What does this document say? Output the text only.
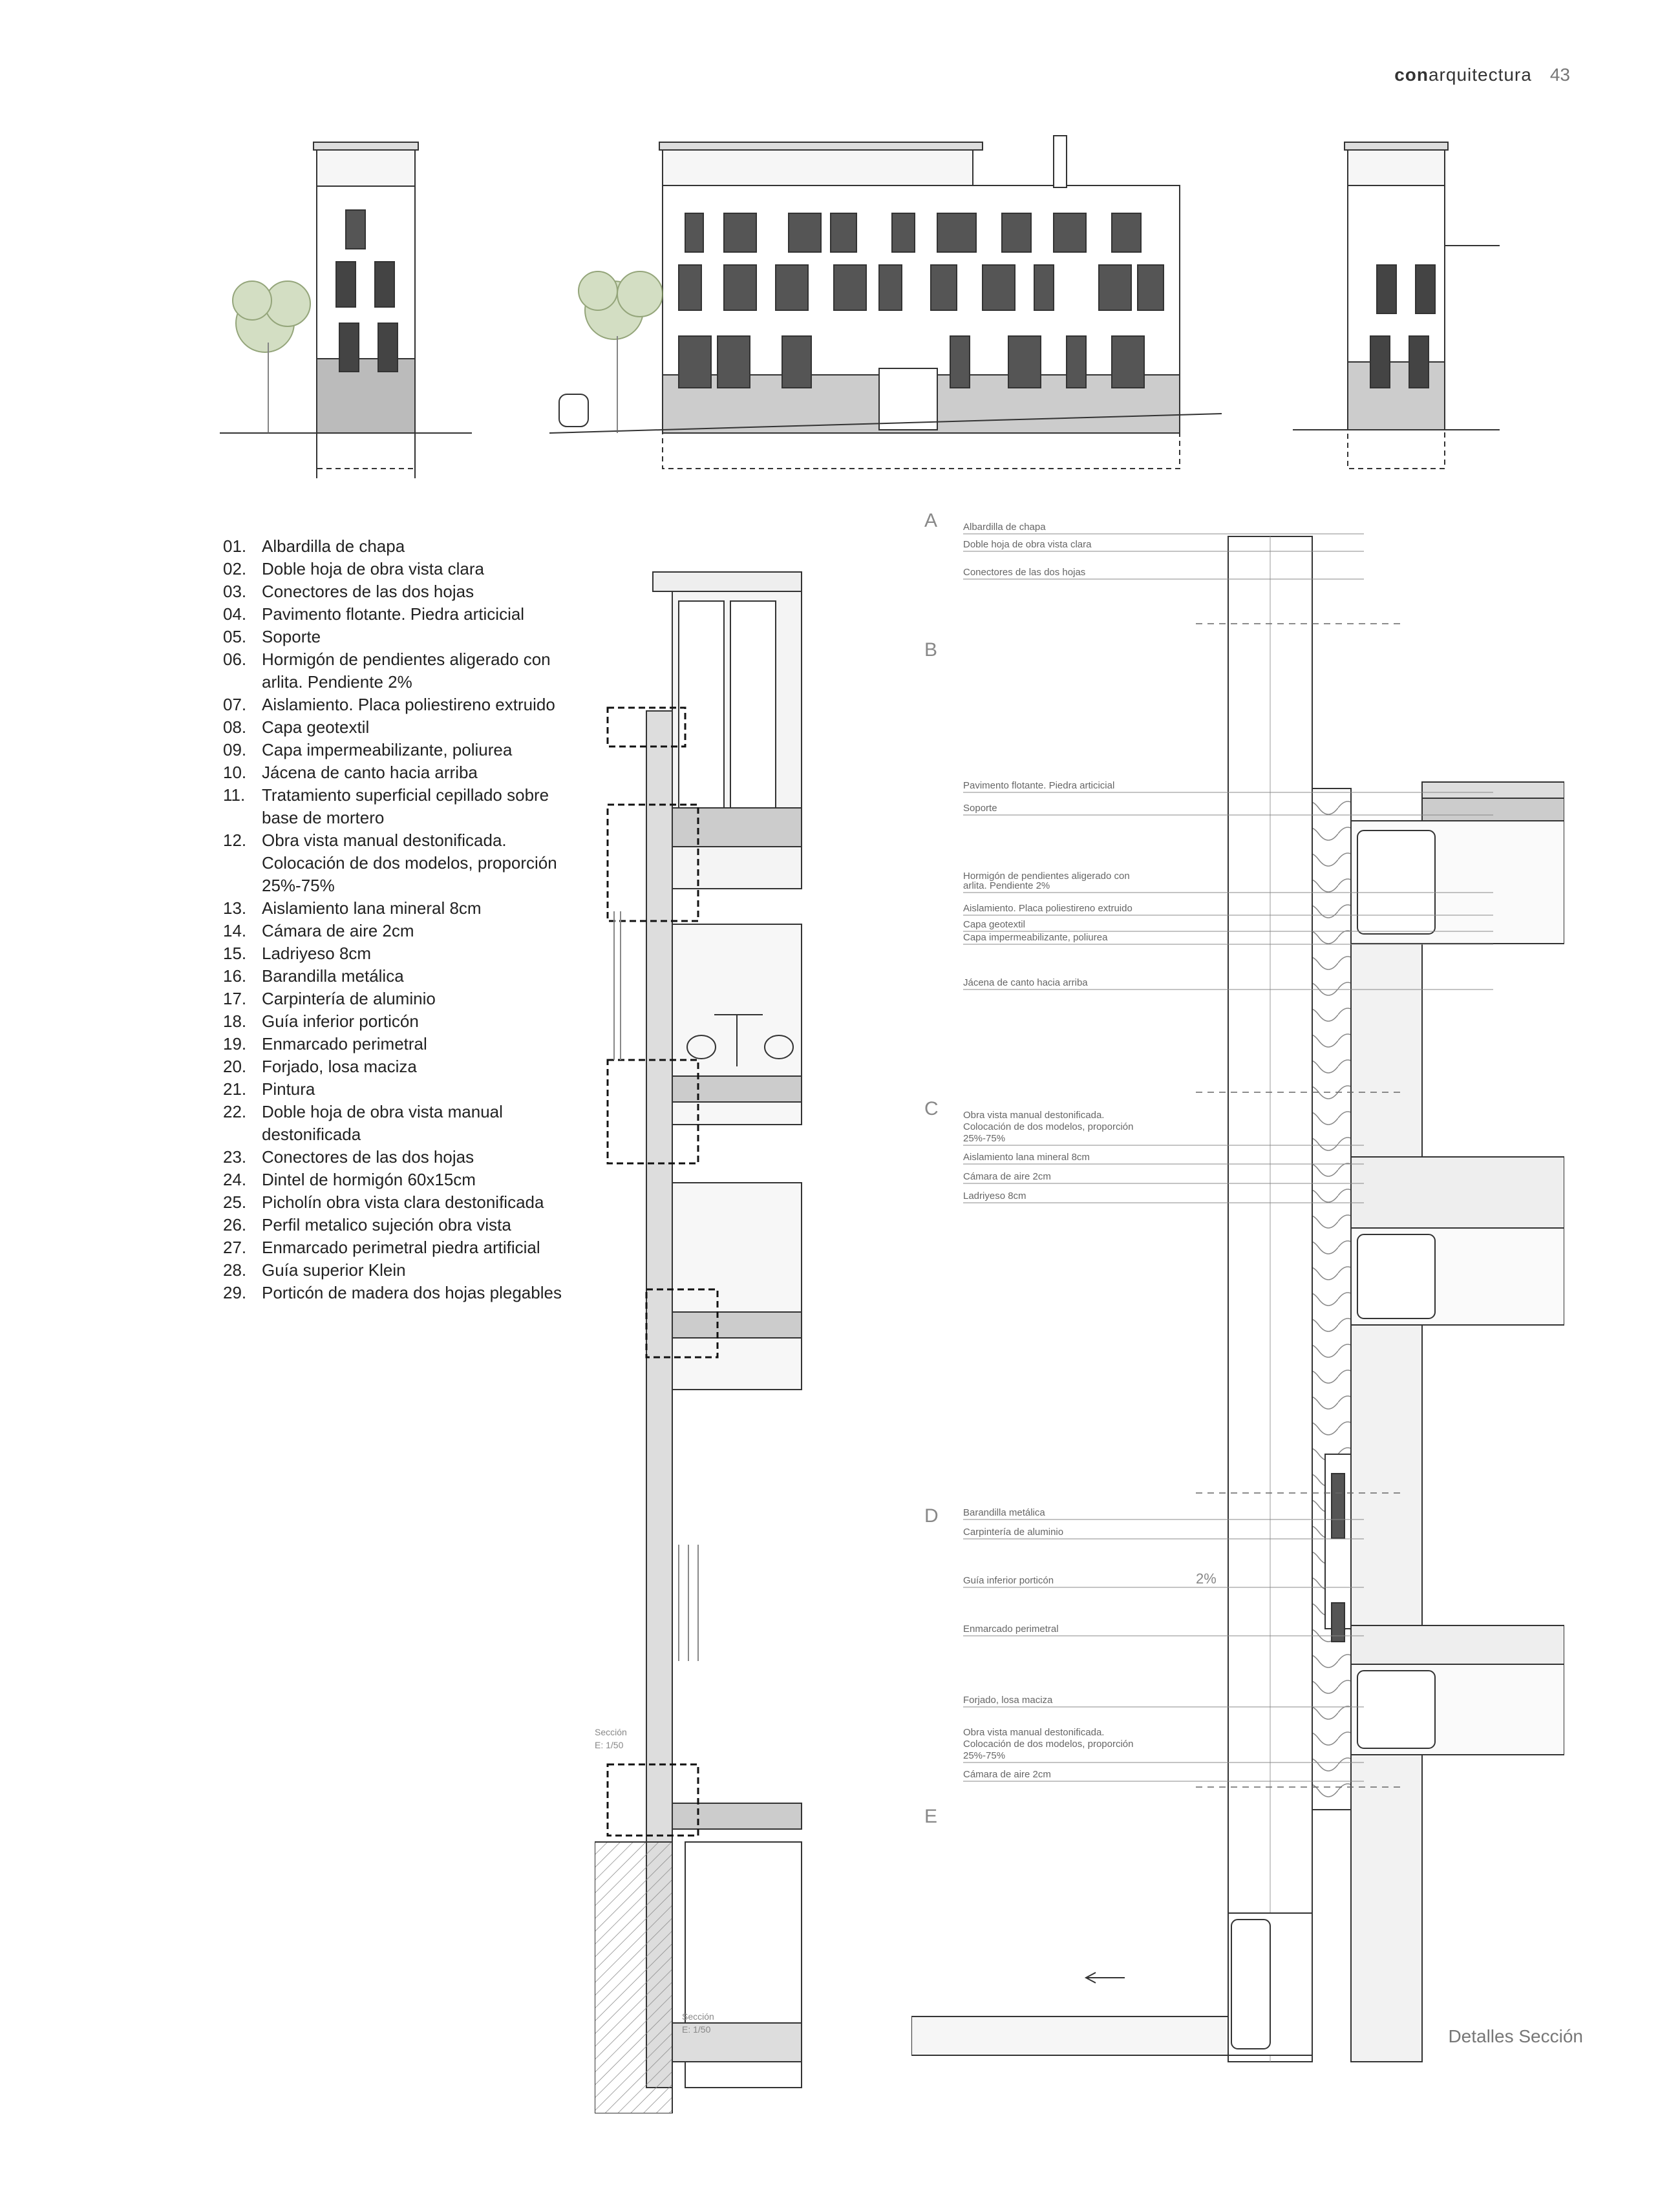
conarquitectura 43
01. Albardilla de chapa
02. Doble hoja de obra vista clara
03. Conectores de las dos hojas
04. Pavimento flotante. Piedra articicial
05. Soporte
06. Hormigón de pendientes aligerado con arlita. Pendiente 2%
07. Aislamiento. Placa poliestireno extruido
08. Capa geotextil
09. Capa impermeabilizante, poliurea
10. Jácena de canto hacia arriba
11. Tratamiento superficial cepillado sobre base de mortero
12. Obra vista manual destonificada. Colocación de dos modelos, proporción 25%-75%
13. Aislamiento lana mineral 8cm
14. Cámara de aire 2cm
15. Ladriyeso 8cm
16. Barandilla metálica
17. Carpintería de aluminio
18. Guía inferior porticón
19. Enmarcado perimetral
20. Forjado, losa maciza
21. Pintura
22. Doble hoja de obra vista manual destonificada
23. Conectores de las dos hojas
24. Dintel de hormigón 60x15cm
25. Picholín obra vista clara destonificada
26. Perfil metalico sujeción obra vista
27. Enmarcado perimetral piedra artificial
28. Guía superior Klein
29. Porticón de madera dos hojas plegables
Sección
E: 1/50
Sección
E: 1/50
A
B
C
D
E
2%
Albardilla de chapa
Doble hoja de obra vista clara
Conectores de las dos hojas
Pavimento flotante. Piedra articicial
Soporte
Hormigón de pendientes aligerado con
arlita. Pendiente 2%
Aislamiento. Placa poliestireno extruido
Capa geotextil
Capa impermeabilizante, poliurea
Jácena de canto hacia arriba
Obra vista manual destonificada.
Colocación de dos modelos, proporción
25%-75%
Aislamiento lana mineral 8cm
Cámara de aire 2cm
Ladriyeso 8cm
Barandilla metálica
Carpintería de aluminio
Guía inferior porticón
Enmarcado perimetral
Forjado, losa maciza
Obra vista manual destonificada.
Colocación de dos modelos, proporción
25%-75%
Cámara de aire 2cm
Detalles Sección
